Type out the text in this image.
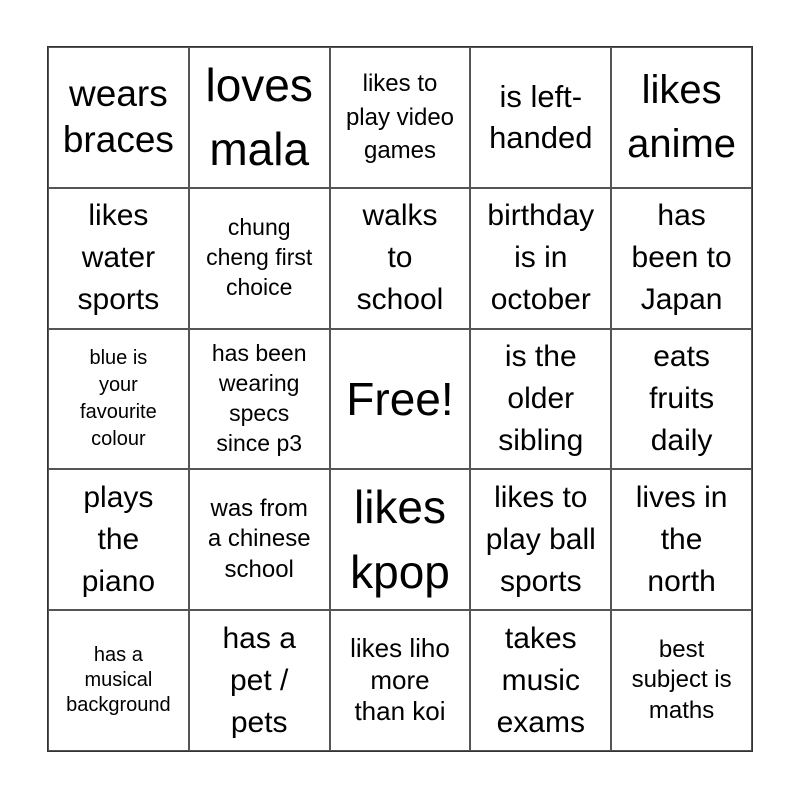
wears
braces
loves
mala
likes to
play video
games
is left-
handed
likes
anime
likes
water
sports
chung
cheng first
choice
walks
to
school
birthday
is in
october
has
been to
Japan
blue is
your
favourite
colour
has been
wearing
specs
since p3
Free!
is the
older
sibling
eats
fruits
daily
plays
the
piano
was from
a chinese
school
likes
kpop
likes to
play ball
sports
lives in
the
north
has a
musical
background
has a
pet /
pets
likes liho
more
than koi
takes
music
exams
best
subject is
maths
